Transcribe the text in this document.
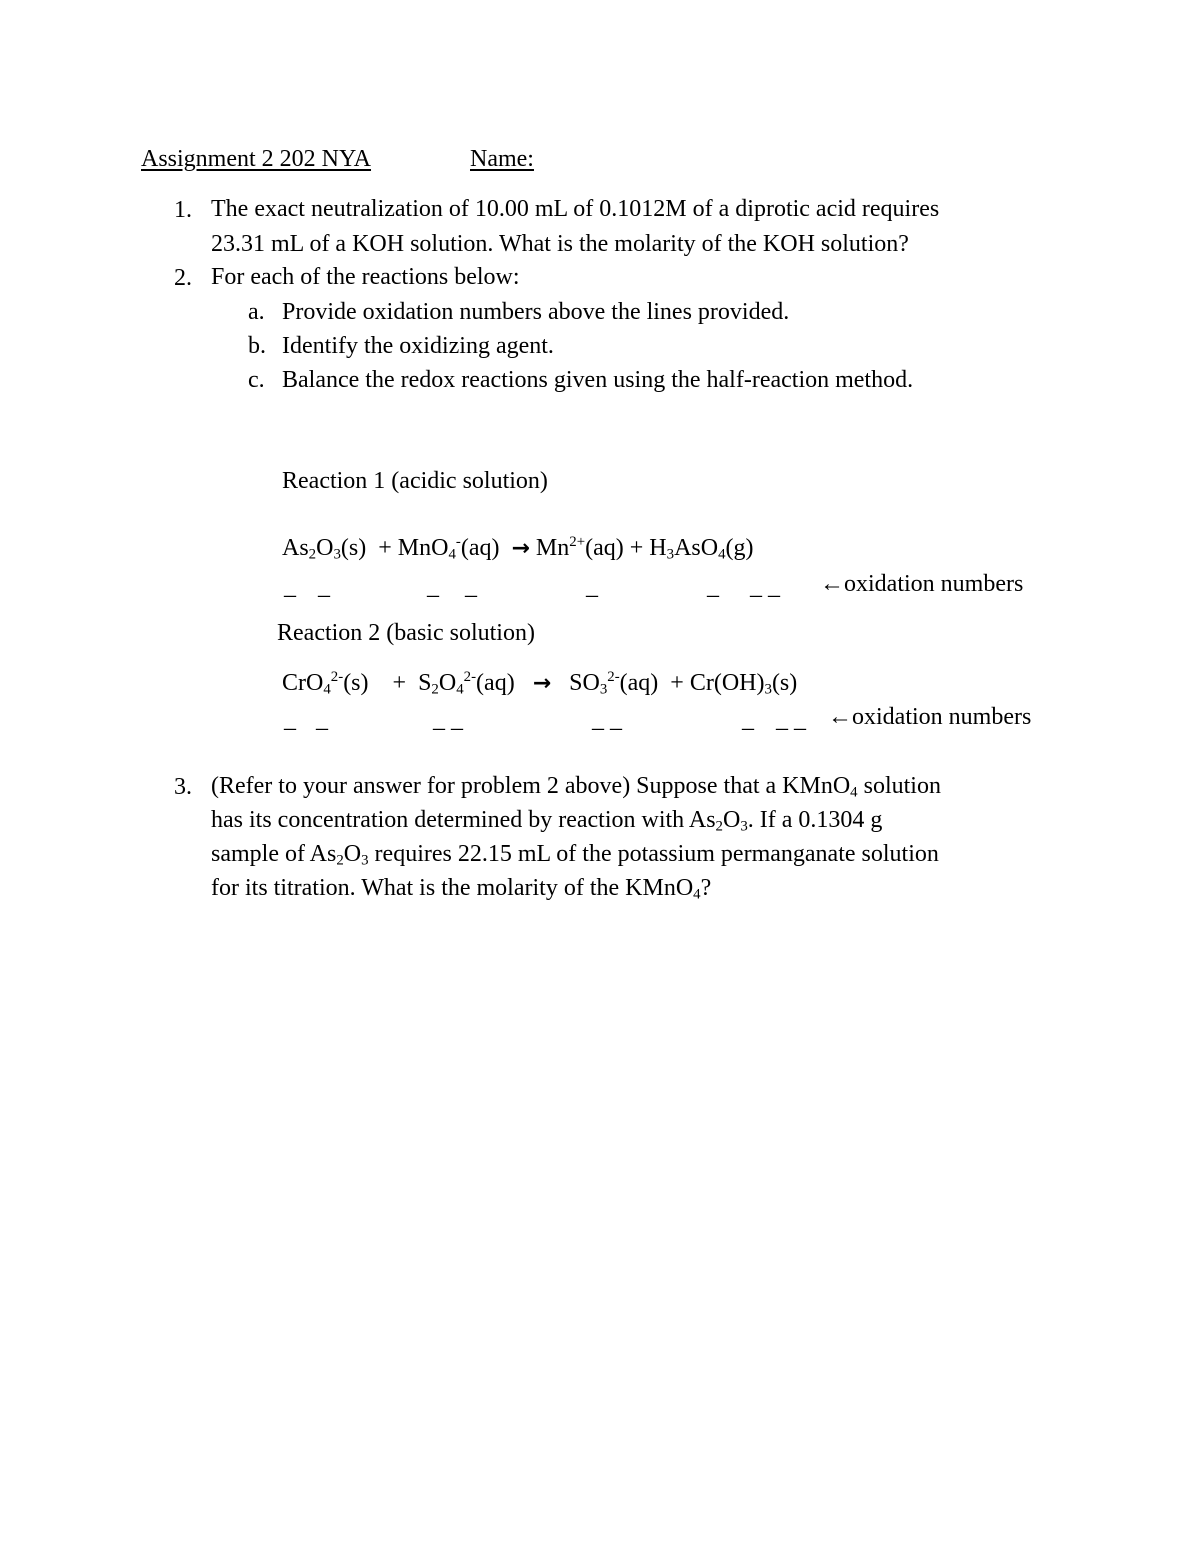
Assignment 2 202 NYA	Name:
1. The exact neutralization of 10.00 mL of 0.1012M of a diprotic acid requires
23.31 mL of a KOH solution. What is the molarity of the KOH solution?
2. For each of the reactions below:
a. Provide oxidation numbers above the lines provided.
b. Identify the oxidizing agent.
c. Balance the redox reactions given using the half-reaction method.
Reaction 1 (acidic solution)
$As_2O_3(s) + MnO_4^-(aq) \to Mn^{2+}(aq) + H_3AsO_4(g)$
_ _	_ _	_	_ _ _ ←oxidation numbers
Reaction 2 (basic solution)
$CrO_4^{2-}(s) + S_2O_4^{2-}(aq) \to SO_3^{2-}(aq) + Cr(OH)_3(s)$
_ _	_ _	_ _	_ _ _ ←oxidation numbers
3. (Refer to your answer for problem 2 above) Suppose that a KMnO$_4$ solution
has its concentration determined by reaction with $As_2O_3$. If a 0.1304 g
sample of $As_2O_3$ requires 22.15 mL of the potassium permanganate solution
for its titration. What is the molarity of the KMnO$_4$?
